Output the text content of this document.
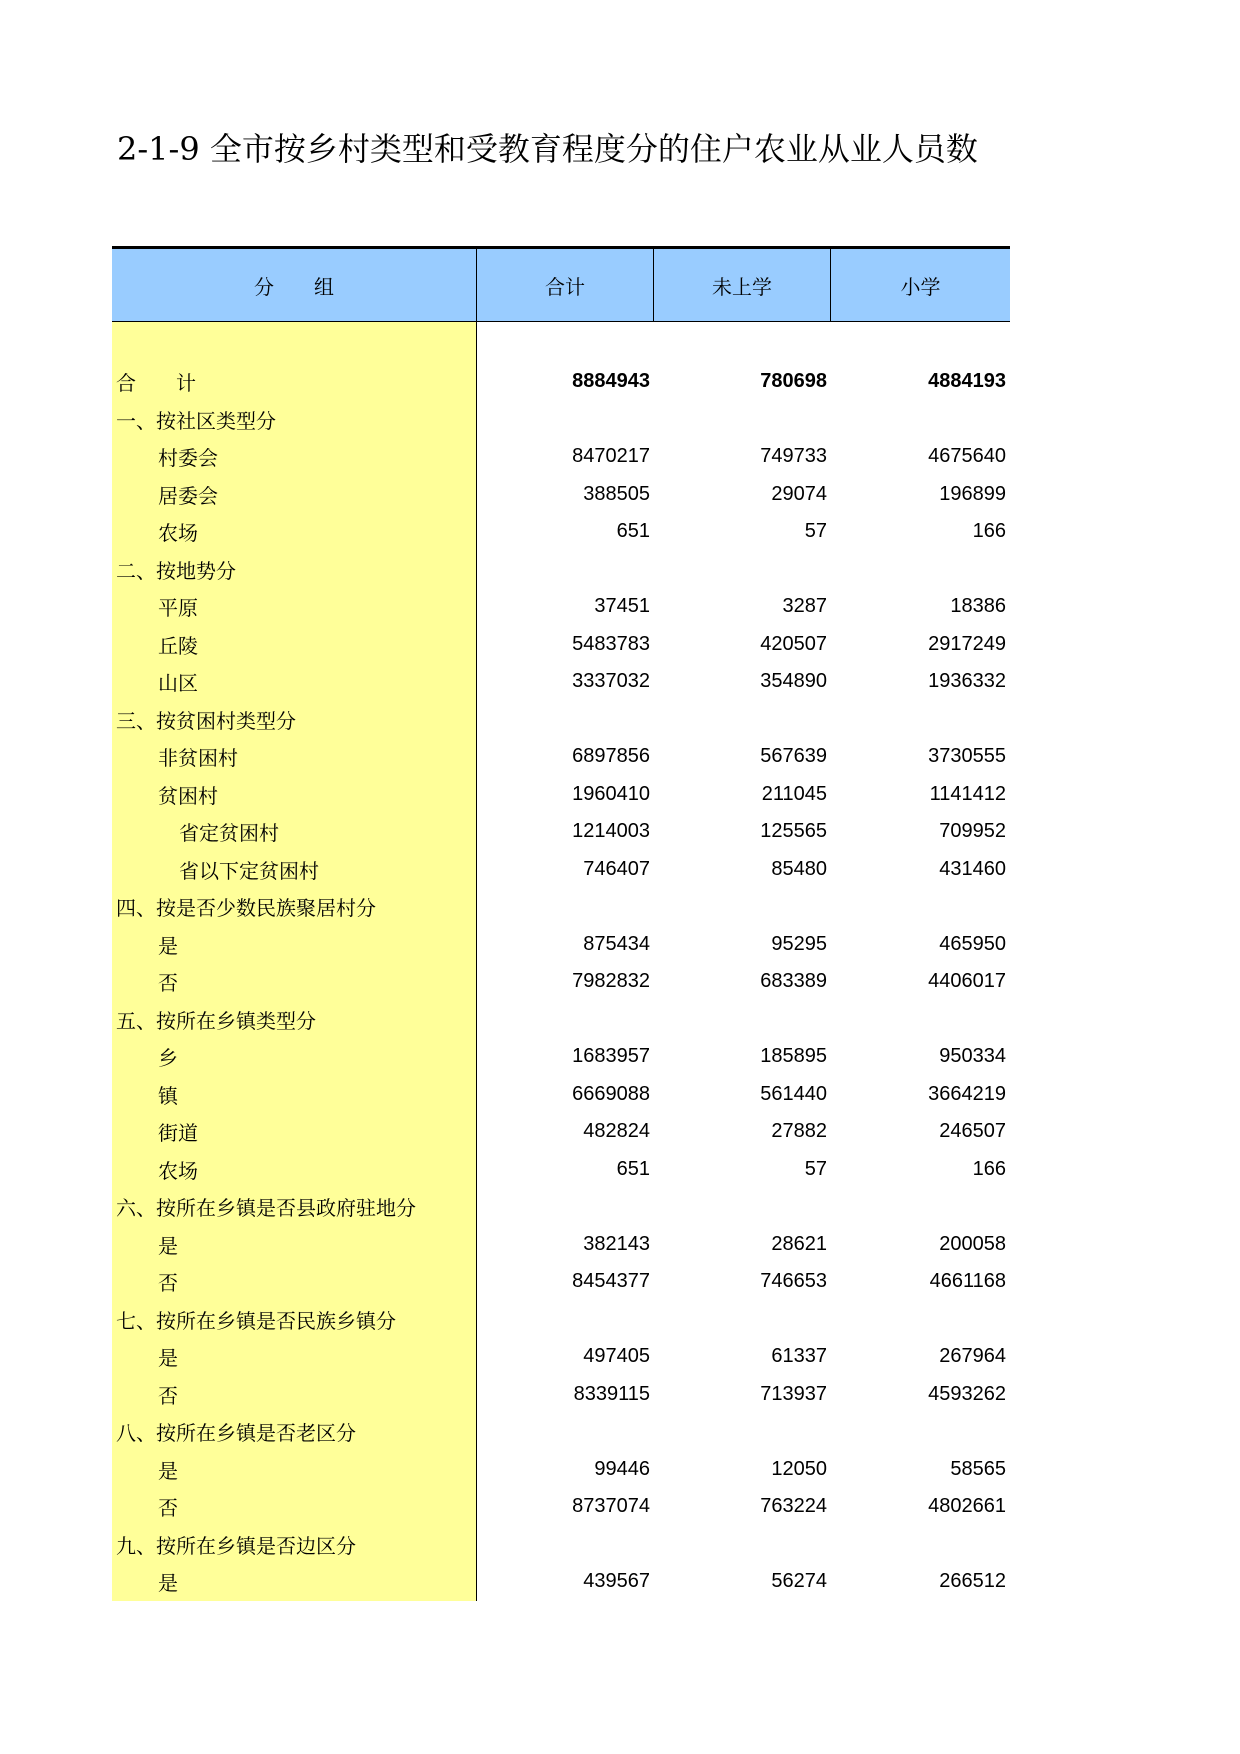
2-1-9 全市按乡村类型和受教育程度分的住户农业从业人员数
分　　组	合计	未上学	小学
合　　计	8884943	780698	4884193
一、按社区类型分
村委会	8470217	749733	4675640
居委会	388505	29074	196899
农场	651	57	166
二、按地势分
平原	37451	3287	18386
丘陵	5483783	420507	2917249
山区	3337032	354890	1936332
三、按贫困村类型分
非贫困村	6897856	567639	3730555
贫困村	1960410	211045	1141412
省定贫困村	1214003	125565	709952
省以下定贫困村	746407	85480	431460
四、按是否少数民族聚居村分
是	875434	95295	465950
否	7982832	683389	4406017
五、按所在乡镇类型分
乡	1683957	185895	950334
镇	6669088	561440	3664219
街道	482824	27882	246507
农场	651	57	166
六、按所在乡镇是否县政府驻地分
是	382143	28621	200058
否	8454377	746653	4661168
七、按所在乡镇是否民族乡镇分
是	497405	61337	267964
否	8339115	713937	4593262
八、按所在乡镇是否老区分
是	99446	12050	58565
否	8737074	763224	4802661
九、按所在乡镇是否边区分
是	439567	56274	266512
